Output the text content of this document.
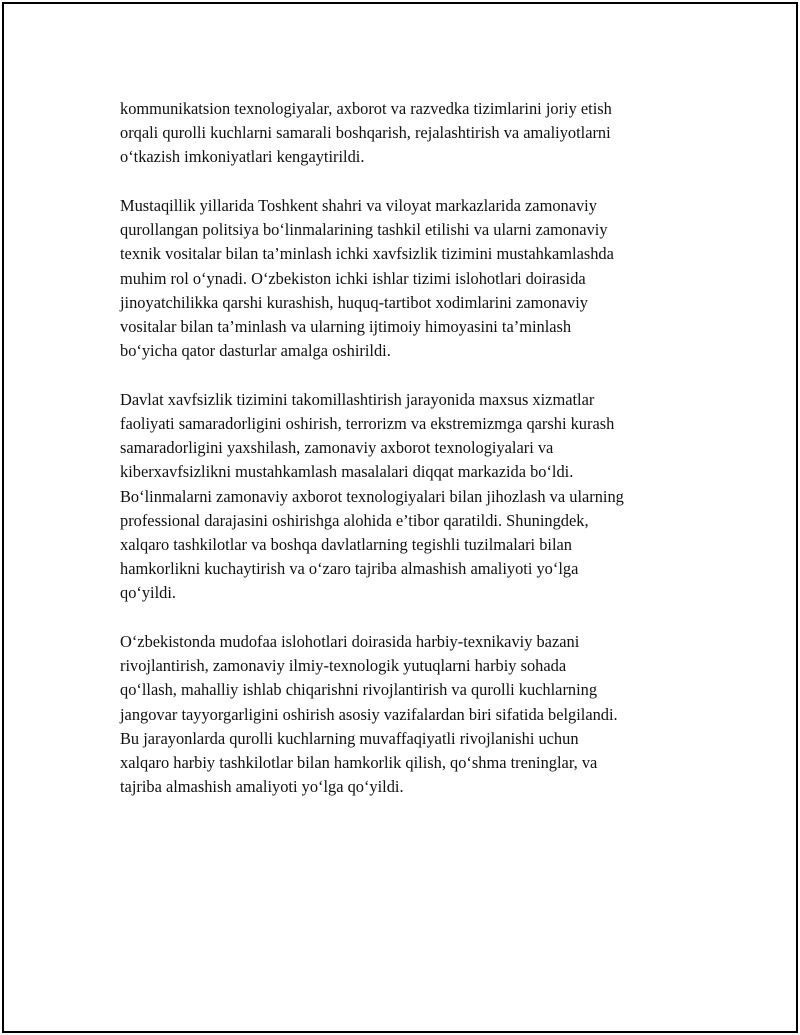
kommunikatsion texnologiyalar, axborot va razvedka tizimlarini joriy etish
orqali qurolli kuchlarni samarali boshqarish, rejalashtirish va amaliyotlarni
o‘tkazish imkoniyatlari kengaytirildi.

Mustaqillik yillarida Toshkent shahri va viloyat markazlarida zamonaviy
qurollangan politsiya bo‘linmalarining tashkil etilishi va ularni zamonaviy
texnik vositalar bilan ta’minlash ichki xavfsizlik tizimini mustahkamlashda
muhim rol o‘ynadi. O‘zbekiston ichki ishlar tizimi islohotlari doirasida
jinoyatchilikka qarshi kurashish, huquq-tartibot xodimlarini zamonaviy
vositalar bilan ta’minlash va ularning ijtimoiy himoyasini ta’minlash
bo‘yicha qator dasturlar amalga oshirildi.

Davlat xavfsizlik tizimini takomillashtirish jarayonida maxsus xizmatlar
faoliyati samaradorligini oshirish, terrorizm va ekstremizmga qarshi kurash
samaradorligini yaxshilash, zamonaviy axborot texnologiyalari va
kiberxavfsizlikni mustahkamlash masalalari diqqat markazida bo‘ldi.
Bo‘linmalarni zamonaviy axborot texnologiyalari bilan jihozlash va ularning
professional darajasini oshirishga alohida e’tibor qaratildi. Shuningdek,
xalqaro tashkilotlar va boshqa davlatlarning tegishli tuzilmalari bilan
hamkorlikni kuchaytirish va o‘zaro tajriba almashish amaliyoti yo‘lga
qo‘yildi.

O‘zbekistonda mudofaa islohotlari doirasida harbiy-texnikaviy bazani
rivojlantirish, zamonaviy ilmiy-texnologik yutuqlarni harbiy sohada
qo‘llash, mahalliy ishlab chiqarishni rivojlantirish va qurolli kuchlarning
jangovar tayyorgarligini oshirish asosiy vazifalardan biri sifatida belgilandi.
Bu jarayonlarda qurolli kuchlarning muvaffaqiyatli rivojlanishi uchun
xalqaro harbiy tashkilotlar bilan hamkorlik qilish, qo‘shma treninglar, va
tajriba almashish amaliyoti yo‘lga qo‘yildi.
